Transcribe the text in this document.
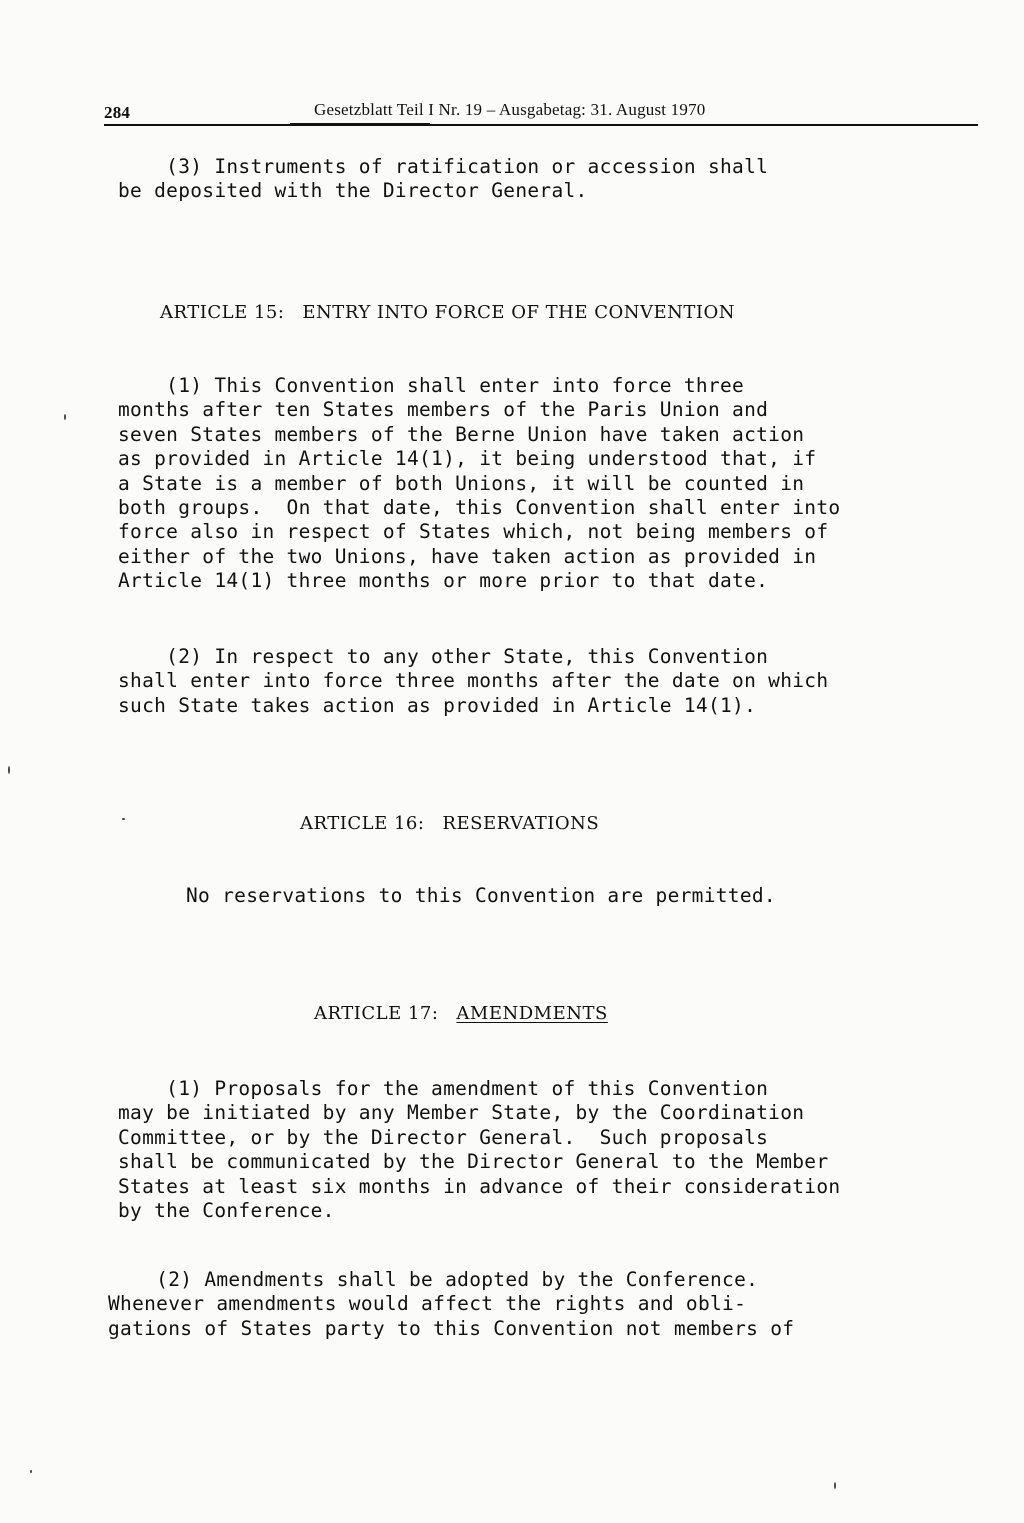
284	Gesetzblatt Teil I Nr. 19 – Ausgabetag: 31. August 1970
(3) Instruments of ratification or accession shall
be deposited with the Director General.
ARTICLE 15: ENTRY INTO FORCE OF THE CONVENTION
(1) This Convention shall enter into force three
months after ten States members of the Paris Union and
seven States members of the Berne Union have taken action
as provided in Article 14(1), it being understood that, if
a State is a member of both Unions, it will be counted in
both groups.  On that date, this Convention shall enter into
force also in respect of States which, not being members of
either of the two Unions, have taken action as provided in
Article 14(1) three months or more prior to that date.
(2) In respect to any other State, this Convention
shall enter into force three months after the date on which
such State takes action as provided in Article 14(1).
ARTICLE 16: RESERVATIONS
No reservations to this Convention are permitted.
ARTICLE 17: AMENDMENTS
(1) Proposals for the amendment of this Convention
may be initiated by any Member State, by the Coordination
Committee, or by the Director General.  Such proposals
shall be communicated by the Director General to the Member
States at least six months in advance of their consideration
by the Conference.
(2) Amendments shall be adopted by the Conference.
Whenever amendments would affect the rights and obli-
gations of States party to this Convention not members of
